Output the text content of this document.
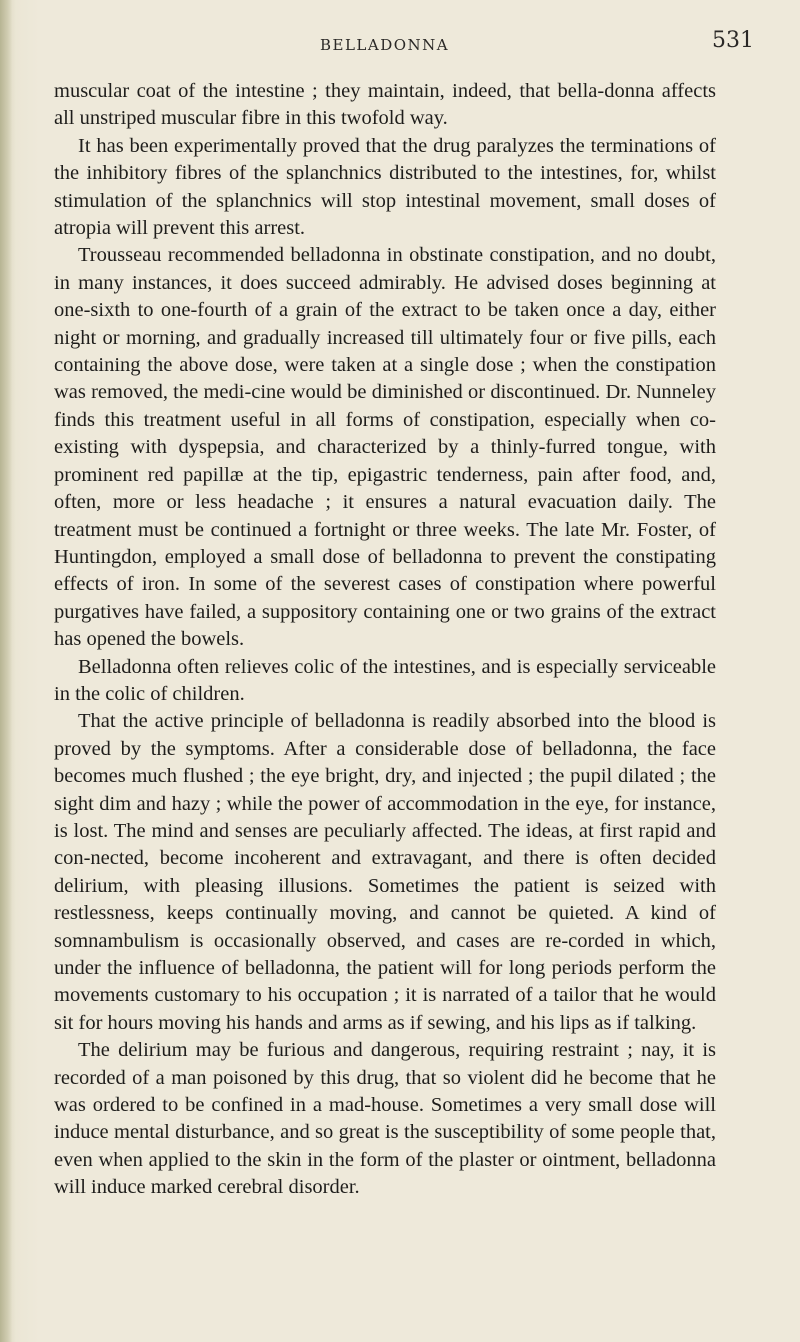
BELLADONNA	531

muscular coat of the intestine ; they maintain, indeed, that bella-donna affects all unstriped muscular fibre in this twofold way.

It has been experimentally proved that the drug paralyzes the terminations of the inhibitory fibres of the splanchnics distributed to the intestines, for, whilst stimulation of the splanchnics will stop intestinal movement, small doses of atropia will prevent this arrest.

Trousseau recommended belladonna in obstinate constipation, and no doubt, in many instances, it does succeed admirably. He advised doses beginning at one-sixth to one-fourth of a grain of the extract to be taken once a day, either night or morning, and gradually increased till ultimately four or five pills, each containing the above dose, were taken at a single dose ; when the constipation was removed, the medi-cine would be diminished or discontinued. Dr. Nunneley finds this treatment useful in all forms of constipation, especially when co-existing with dyspepsia, and characterized by a thinly-furred tongue, with prominent red papillæ at the tip, epigastric tenderness, pain after food, and, often, more or less headache ; it ensures a natural evacuation daily. The treatment must be continued a fortnight or three weeks. The late Mr. Foster, of Huntingdon, employed a small dose of belladonna to prevent the constipating effects of iron. In some of the severest cases of constipation where powerful purgatives have failed, a suppository containing one or two grains of the extract has opened the bowels.

Belladonna often relieves colic of the intestines, and is especially serviceable in the colic of children.

That the active principle of belladonna is readily absorbed into the blood is proved by the symptoms. After a considerable dose of belladonna, the face becomes much flushed ; the eye bright, dry, and injected ; the pupil dilated ; the sight dim and hazy ; while the power of accommodation in the eye, for instance, is lost. The mind and senses are peculiarly affected. The ideas, at first rapid and con-nected, become incoherent and extravagant, and there is often decided delirium, with pleasing illusions. Sometimes the patient is seized with restlessness, keeps continually moving, and cannot be quieted. A kind of somnambulism is occasionally observed, and cases are re-corded in which, under the influence of belladonna, the patient will for long periods perform the movements customary to his occupation ; it is narrated of a tailor that he would sit for hours moving his hands and arms as if sewing, and his lips as if talking.

The delirium may be furious and dangerous, requiring restraint ; nay, it is recorded of a man poisoned by this drug, that so violent did he become that he was ordered to be confined in a mad-house. Sometimes a very small dose will induce mental disturbance, and so great is the susceptibility of some people that, even when applied to the skin in the form of the plaster or ointment, belladonna will induce marked cerebral disorder.
